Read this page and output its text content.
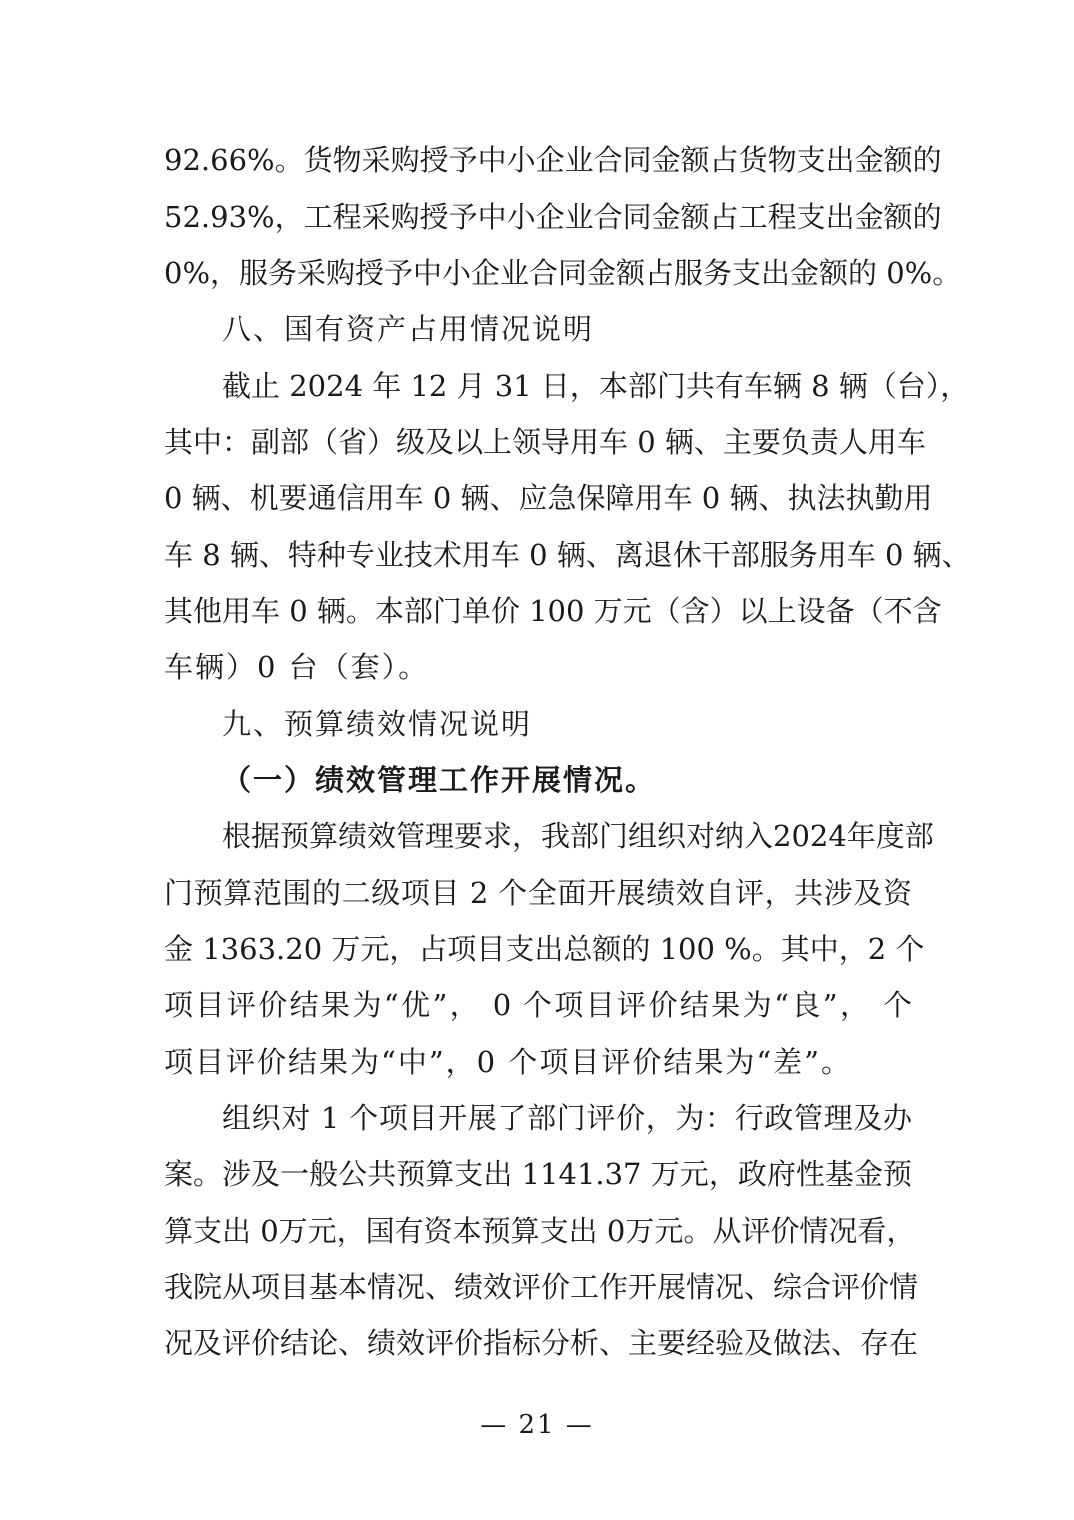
92.66%。货物采购授予中小企业合同金额占货物支出金额的
52.93%，工程采购授予中小企业合同金额占工程支出金额的
0%，服务采购授予中小企业合同金额占服务支出金额的 0%。
八、国有资产占用情况说明
截止 2024 年 12 月 31 日，本部门共有车辆 8 辆（台），
其中：副部（省）级及以上领导用车 0 辆、主要负责人用车
0 辆、机要通信用车 0 辆、应急保障用车 0 辆、执法执勤用
车 8 辆、特种专业技术用车 0 辆、离退休干部服务用车 0 辆、
其他用车 0 辆。本部门单价 100 万元（含）以上设备（不含
车辆）0 台（套）。
九、预算绩效情况说明
（一）绩效管理工作开展情况。
根据预算绩效管理要求，我部门组织对纳入2024年度部
门预算范围的二级项目 2 个全面开展绩效自评，共涉及资
金 1363.20 万元，占项目支出总额的 100 %。其中，2 个
项目评价结果为“优”， 0 个项目评价结果为“良”， 个
项目评价结果为“中”，0 个项目评价结果为“差”。
组织对 1 个项目开展了部门评价，为：行政管理及办
案。涉及一般公共预算支出 1141.37 万元，政府性基金预
算支出 0万元，国有资本预算支出 0万元。从评价情况看，
我院从项目基本情况、绩效评价工作开展情况、综合评价情
况及评价结论、绩效评价指标分析、主要经验及做法、存在
— 21 —
